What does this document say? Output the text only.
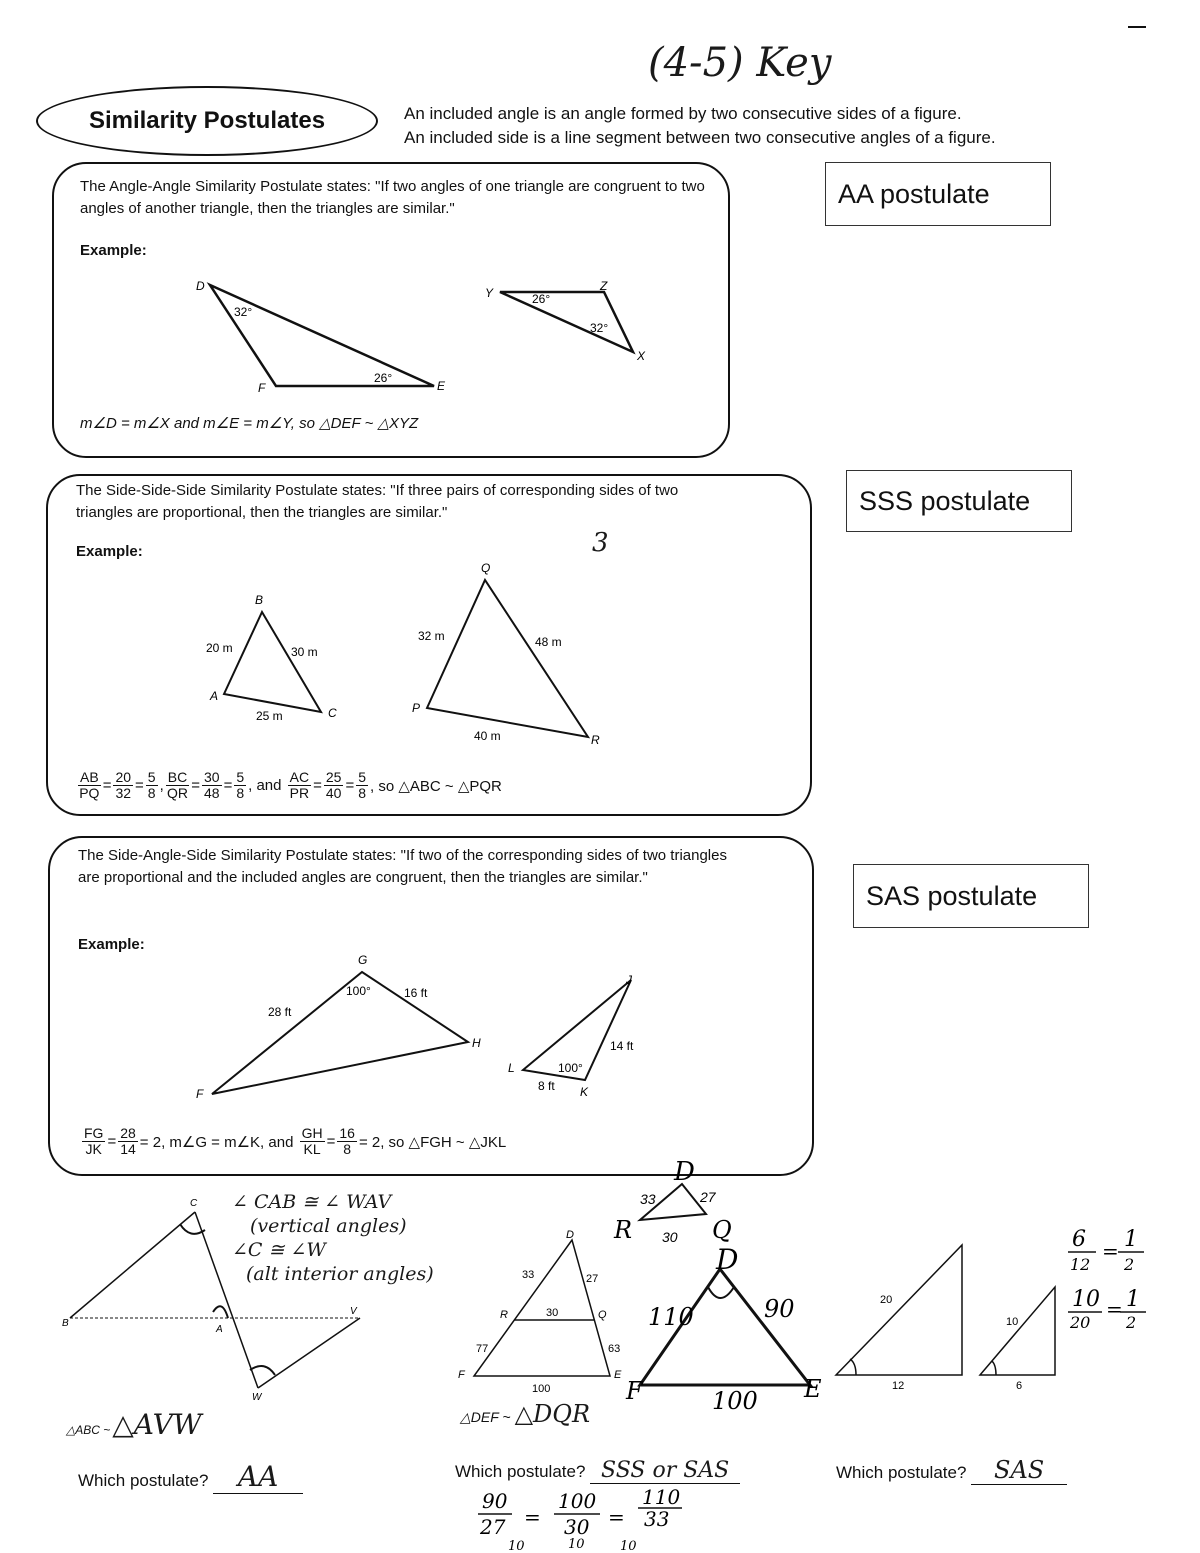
(4-5) Key
Similarity Postulates	An included angle is an angle formed by two consecutive sides of a figure.
An included side is a line segment between two consecutive angles of a figure.
The Angle-Angle Similarity Postulate states: "If two angles of one triangle are congruent to two angles of another triangle, then the triangles are similar."
Example:
AA postulate
D
E
F
32°
26°
Y	Z
X
26°
32°
m∠D = m∠X and m∠E = m∠Y, so △DEF ~ △XYZ
The Side-Side-Side Similarity Postulate states: "If three pairs of corresponding sides of two triangles are proportional, then the triangles are similar."
Example:	3
SSS postulate
B
A
C
20 m	30 m
25 m
Q
P
R
32 m	48 m
40 m
$\frac{AB}{PQ} = \frac{20}{32} = \frac{5}{8}$ , $\frac{BC}{QR} = \frac{30}{48} = \frac{5}{8}$ , and
$\frac{AC}{PR} = \frac{25}{40} = \frac{5}{8}$ , so △ABC ~ △PQR
The Side-Angle-Side Similarity Postulate states: "If two of the corresponding sides of two triangles are proportional and the included angles are congruent, then the triangles are similar."
Example:
SAS postulate
G
F
H
28 ft
16 ft
100°
J
L
K
14 ft
8 ft
100°
$\frac{FG}{JK} = \frac{28}{14} = 2$, m∠G = m∠K, and
$\frac{GH}{KL} = \frac{16}{8} = 2$, so △FGH ~ △JKL
B
C
A
V
W
∠ CAB ≅ ∠ WAV
(vertical angles)
∠C ≅ ∠W
(alt interior angles)
△ABC ~ △AVW
Which postulate? AA
D
R	Q
33	27
30
D
R	Q
F	E
33	27
30
77	63
100
D
F	E
110	90
100
△DEF ~ △DQR
Which postulate? SSS or SAS
90
27 =
100
30 =
110
33
10	10	10
20
12
10
6
6
12
= 1
2
10
20
= 1
2
Which postulate? SAS
